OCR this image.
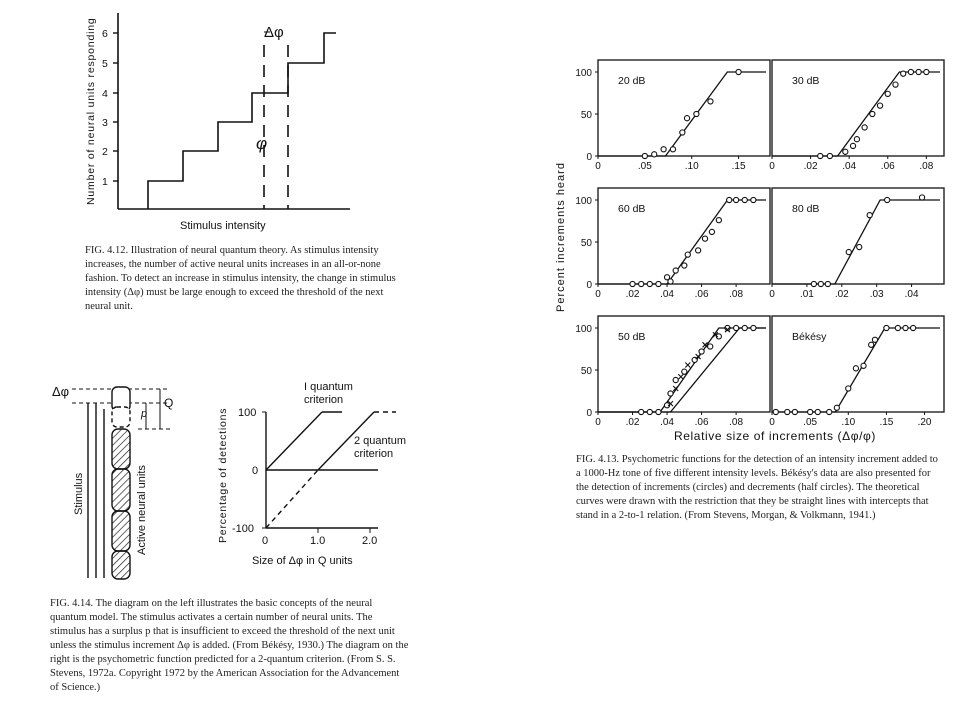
1
2
3
4
5
6
Number of neural units responding
Stimulus intensity
Δφ
φ
FIG. 4.12. Illustration of neural quantum theory. As stimulus intensity increases, the number of active neural units increases in an all-or-none fashion. To detect an increase in stimulus intensity, the change in stimulus intensity (Δφ) must be large enough to exceed the threshold of the next neural unit.
Δφ
Stimulus	Active neural units
p
Q
Percentage of detections 100
0
-100
0	1.0	2.0
Size of Δφ in Q units
I quantum
criterion
2 quantum
criterion
FIG. 4.14. The diagram on the left illustrates the basic concepts of the neural quantum model. The stimulus activates a certain number of neural units. The stimulus has a surplus p that is insufficient to exceed the threshold of the next unit unless the stimulus increment Δφ is added. (From Békésy, 1930.) The diagram on the right is the psychometric function predicted for a 2-quantum criterion. (From S. S. Stevens, 1972a. Copyright 1972 by the American Association for the Advancement of Science.)
Percent increments heard
Relative size of increments (Δφ/φ)
0
50
100
0	.05	.10	.15
20 dB
0	.02 .04 .06 .08
30 dB
0
50
100
0 .02 .04 .06 .08
60 dB
0	.01 .02 .03 .04
80 dB
0
50
100
0 .02 .04 .06 .08
50 dB
0	.05 .10 .15 .20
Békésy
FIG. 4.13. Psychometric functions for the detection of an intensity increment added to a 1000-Hz tone of five different intensity levels. Békésy's data are also presented for the detection of increments (circles) and decrements (half circles). The theoretical curves were drawn with the restriction that they be straight lines with intercepts that stand in a 2-to-1 relation. (From Stevens, Morgan, & Volkmann, 1941.)
